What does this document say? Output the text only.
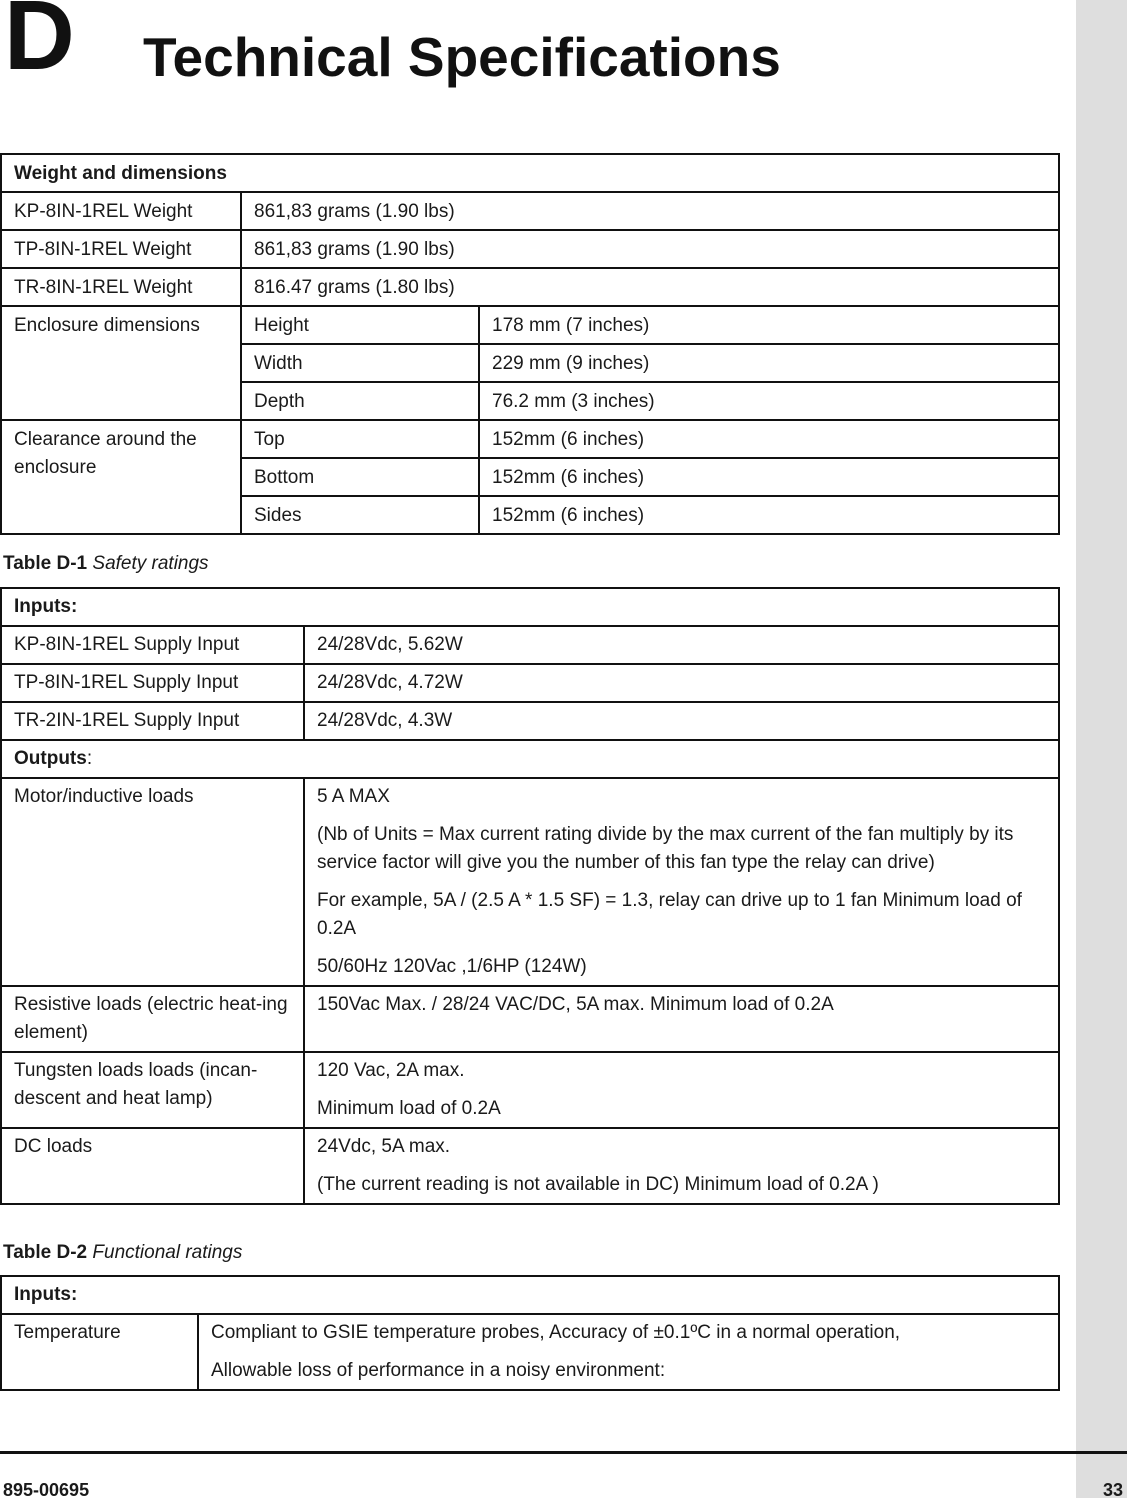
D Technical Specifications
Weight and dimensions		
KP-8IN-1REL Weight	861,83 grams (1.90 lbs)	
TP-8IN-1REL Weight	861,83 grams (1.90 lbs)	
TR-8IN-1REL Weight	816.47 grams (1.80 lbs)	
Enclosure dimensions	Height	178 mm (7 inches)
	Width	229 mm (9 inches)
	Depth	76.2 mm (3 inches)
Clearance around the enclosure	Top	152mm (6 inches)
	Bottom	152mm (6 inches)
	Sides	152mm (6 inches)
Table D-1 Safety ratings
Inputs:	
KP-8IN-1REL Supply Input	24/28Vdc, 5.62W
TP-8IN-1REL Supply Input	24/28Vdc, 4.72W
TR-2IN-1REL Supply Input	24/28Vdc, 4.3W
Outputs:	
Motor/inductive loads	5 A MAX

(Nb of Units = Max current rating divide by the max current of the fan multiply by its service factor will give you the number of this fan type the relay can drive)

For example, 5A / (2.5 A * 1.5 SF) = 1.3, relay can drive up to 1 fan Minimum load of 0.2A

50/60Hz 120Vac ,1/6HP (124W)

Resistive loads (electric heat-ing element)	150Vac Max. / 28/24 VAC/DC, 5A max. Minimum load of 0.2A
Tungsten loads loads (incan-descent and heat lamp)	120 Vac, 2A max.

Minimum load of 0.2A

DC loads	24Vdc, 5A max.

(The current reading is not available in DC) Minimum load of 0.2A )

Table D-2 Functional ratings
Inputs:
Temperature	Compliant to GSIE temperature probes, Accuracy of ±0.1ºC in a normal operation,

Allowable loss of performance in a noisy environment:

895-00695	33
